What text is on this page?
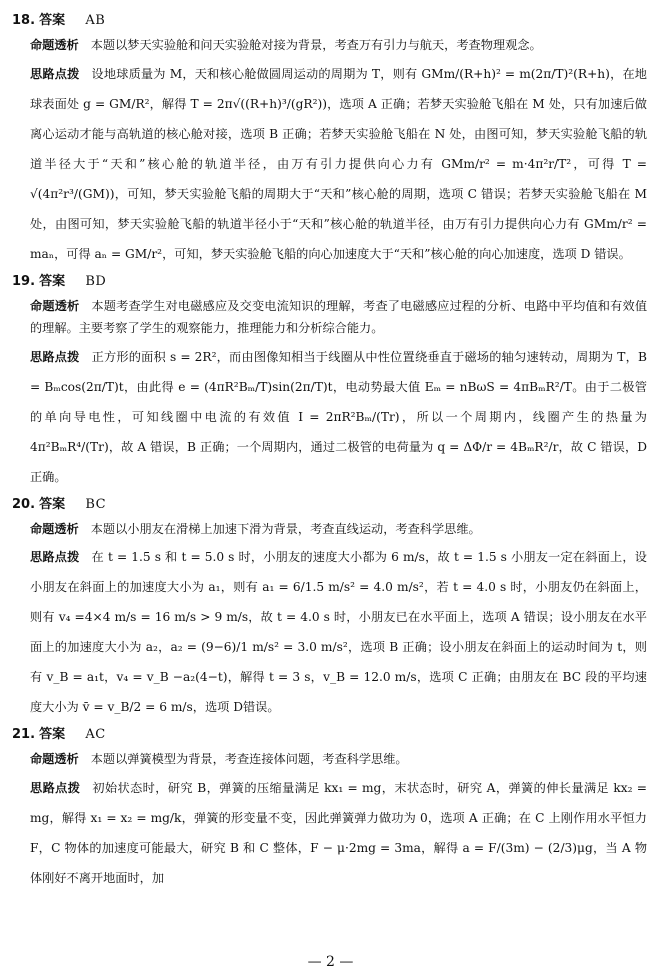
18. 答案 AB

命题透析 本题以梦天实验舱和问天实验舱对接为背景，考查万有引力与航天，考查物理观念。

思路点拨 设地球质量为 M，天和核心舱做圆周运动的周期为 T，则有 GMm/(R+h)² = m(2π/T)²(R+h)，在地球表面处 g = GM/R²，解得 T = 2π√((R+h)³/(gR²))，选项 A 正确；若梦天实验舱飞船在 M 处，只有加速后做离心运动才能与高轨道的核心舱对接，选项 B 正确；若梦天实验舱飞船在 N 处，由图可知，梦天实验舱飞船的轨道半径大于“天和”核心舱的轨道半径，由万有引力提供向心力有 GMm/r² = m·4π²r/T²，可得 T = √(4π²r³/(GM))，可知，梦天实验舱飞船的周期大于“天和”核心舱的周期，选项 C 错误；若梦天实验舱飞船在 M 处，由图可知，梦天实验舱飞船的轨道半径小于“天和”核心舱的轨道半径，由万有引力提供向心力有 GMm/r² = maₙ，可得 aₙ = GM/r²，可知，梦天实验舱飞船的向心加速度大于“天和”核心舱的向心加速度，选项 D 错误。

19. 答案 BD

命题透析 本题考查学生对电磁感应及交变电流知识的理解，考查了电磁感应过程的分析、电路中平均值和有效值的理解。主要考察了学生的观察能力，推理能力和分析综合能力。

思路点拨 正方形的面积 s = 2R²，而由图像知相当于线圈从中性位置绕垂直于磁场的轴匀速转动，周期为 T，B = Bₘcos(2π/T)t，由此得 e = (4πR²Bₘ/T)sin(2π/T)t，电动势最大值 Eₘ = nBωS = 4πBₘR²/T。由于二极管的单向导电性，可知线圈中电流的有效值 I = 2πR²Bₘ/(Tr)，所以一个周期内，线圈产生的热量为 4π²BₘR⁴/(Tr)，故 A 错误，B 正确；一个周期内，通过二极管的电荷量为 q = ΔΦ/r = 4BₘR²/r，故 C 错误，D 正确。

20. 答案 BC

命题透析 本题以小朋友在滑梯上加速下滑为背景，考查直线运动，考查科学思维。

思路点拨 在 t = 1.5 s 和 t = 5.0 s 时，小朋友的速度大小都为 6 m/s，故 t = 1.5 s 小朋友一定在斜面上，设小朋友在斜面上的加速度大小为 a₁，则有 a₁ = 6/1.5 m/s² = 4.0 m/s²，若 t = 4.0 s 时，小朋友仍在斜面上，则有 v₄ =4×4 m/s = 16 m/s > 9 m/s，故 t = 4.0 s 时，小朋友已在水平面上，选项 A 错误；设小朋友在水平面上的加速度大小为 a₂，a₂ = (9−6)/1 m/s² = 3.0 m/s²，选项 B 正确；设小朋友在斜面上的运动时间为 t，则有 v_B = a₁t，v₄ = v_B −a₂(4−t)，解得 t = 3 s，v_B = 12.0 m/s，选项 C 正确；由朋友在 BC 段的平均速度大小为 v̄ = v_B/2 = 6 m/s，选项 D错误。

21. 答案 AC

命题透析 本题以弹簧模型为背景，考查连接体问题，考查科学思维。

思路点拨 初始状态时，研究 B，弹簧的压缩量满足 kx₁ = mg，末状态时，研究 A，弹簧的伸长量满足 kx₂ = mg，解得 x₁ = x₂ = mg/k，弹簧的形变量不变，因此弹簧弹力做功为 0，选项 A 正确；在 C 上刚作用水平恒力 F，C 物体的加速度可能最大，研究 B 和 C 整体，F − μ·2mg = 3ma，解得 a = F/(3m) − (2/3)μg，当 A 物体刚好不离开地面时，加

— 2 —
